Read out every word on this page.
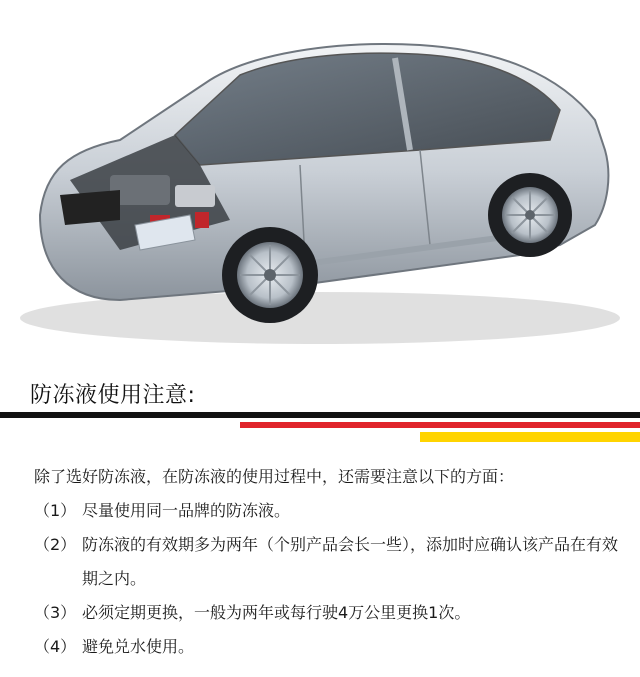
防冻液使用注意:
除了选好防冻液，在防冻液的使用过程中，还需要注意以下的方面：
（1） 尽量使用同一品牌的防冻液。
（2） 防冻液的有效期多为两年（个别产品会长一些），添加时应确认该产品在有效期之内。
（3） 必须定期更换，一般为两年或每行驶4万公里更换1次。
（4） 避免兑水使用。
